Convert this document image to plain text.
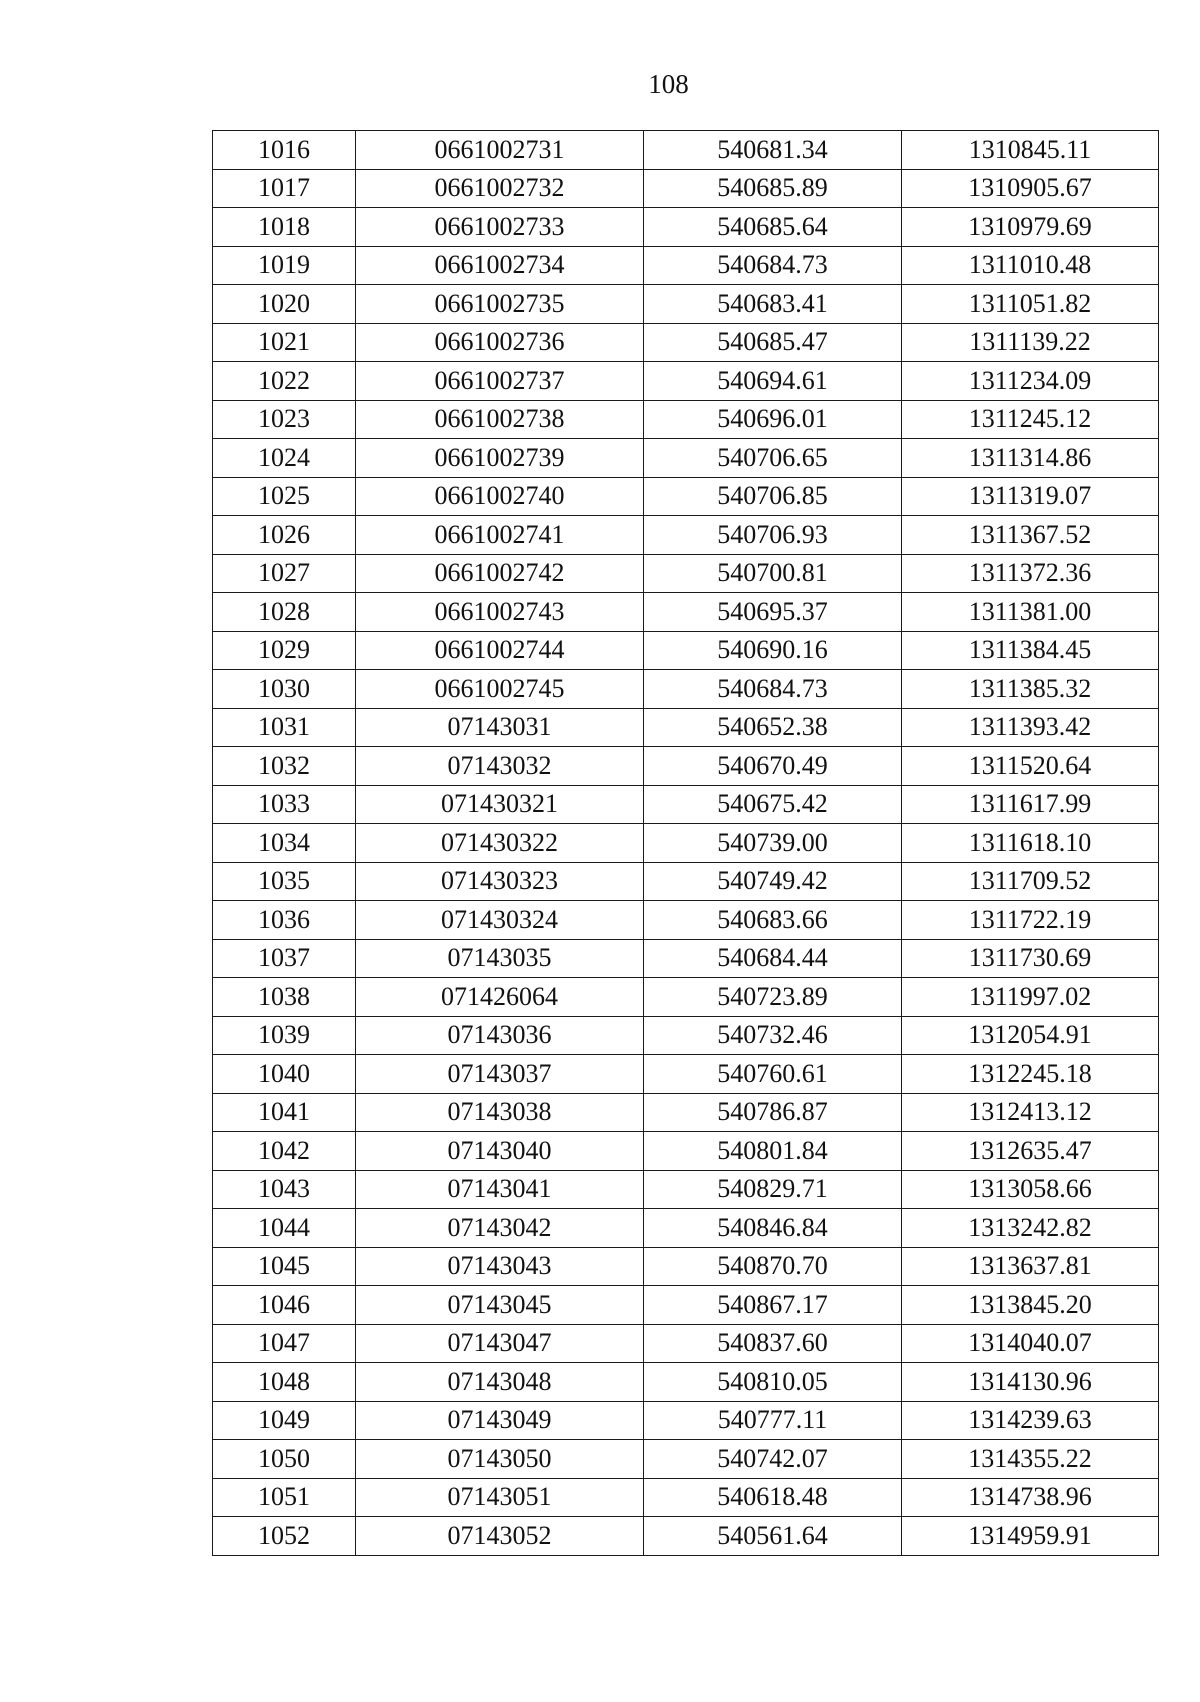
108
1016	0661002731	540681.34	1310845.11
1017	0661002732	540685.89	1310905.67
1018	0661002733	540685.64	1310979.69
1019	0661002734	540684.73	1311010.48
1020	0661002735	540683.41	1311051.82
1021	0661002736	540685.47	1311139.22
1022	0661002737	540694.61	1311234.09
1023	0661002738	540696.01	1311245.12
1024	0661002739	540706.65	1311314.86
1025	0661002740	540706.85	1311319.07
1026	0661002741	540706.93	1311367.52
1027	0661002742	540700.81	1311372.36
1028	0661002743	540695.37	1311381.00
1029	0661002744	540690.16	1311384.45
1030	0661002745	540684.73	1311385.32
1031	07143031	540652.38	1311393.42
1032	07143032	540670.49	1311520.64
1033	071430321	540675.42	1311617.99
1034	071430322	540739.00	1311618.10
1035	071430323	540749.42	1311709.52
1036	071430324	540683.66	1311722.19
1037	07143035	540684.44	1311730.69
1038	071426064	540723.89	1311997.02
1039	07143036	540732.46	1312054.91
1040	07143037	540760.61	1312245.18
1041	07143038	540786.87	1312413.12
1042	07143040	540801.84	1312635.47
1043	07143041	540829.71	1313058.66
1044	07143042	540846.84	1313242.82
1045	07143043	540870.70	1313637.81
1046	07143045	540867.17	1313845.20
1047	07143047	540837.60	1314040.07
1048	07143048	540810.05	1314130.96
1049	07143049	540777.11	1314239.63
1050	07143050	540742.07	1314355.22
1051	07143051	540618.48	1314738.96
1052	07143052	540561.64	1314959.91
